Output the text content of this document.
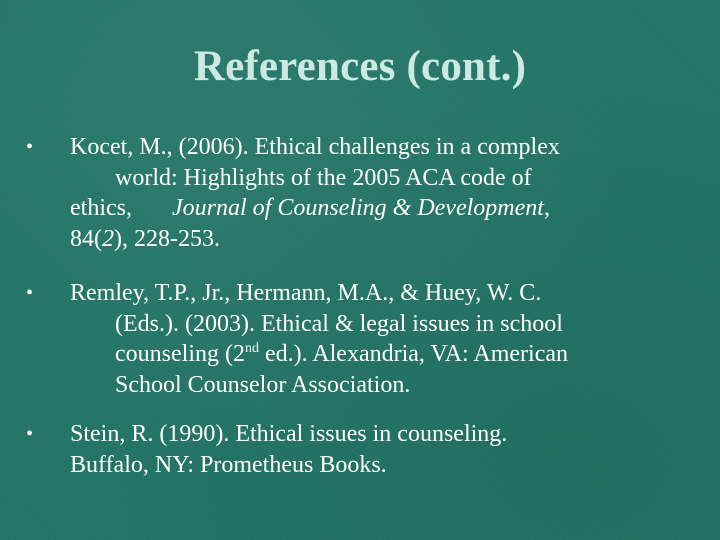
References (cont.)
• Kocet, M., (2006). Ethical challenges in a complex
world: Highlights of the 2005 ACA code of
ethics, Journal of Counseling & Development,
84(2), 228-253.
• Remley, T.P., Jr., Hermann, M.A., & Huey, W. C.
(Eds.). (2003). Ethical & legal issues in school
counseling (2nd ed.). Alexandria, VA: American
School Counselor Association.
• Stein, R. (1990). Ethical issues in counseling.
Buffalo, NY: Prometheus Books.
